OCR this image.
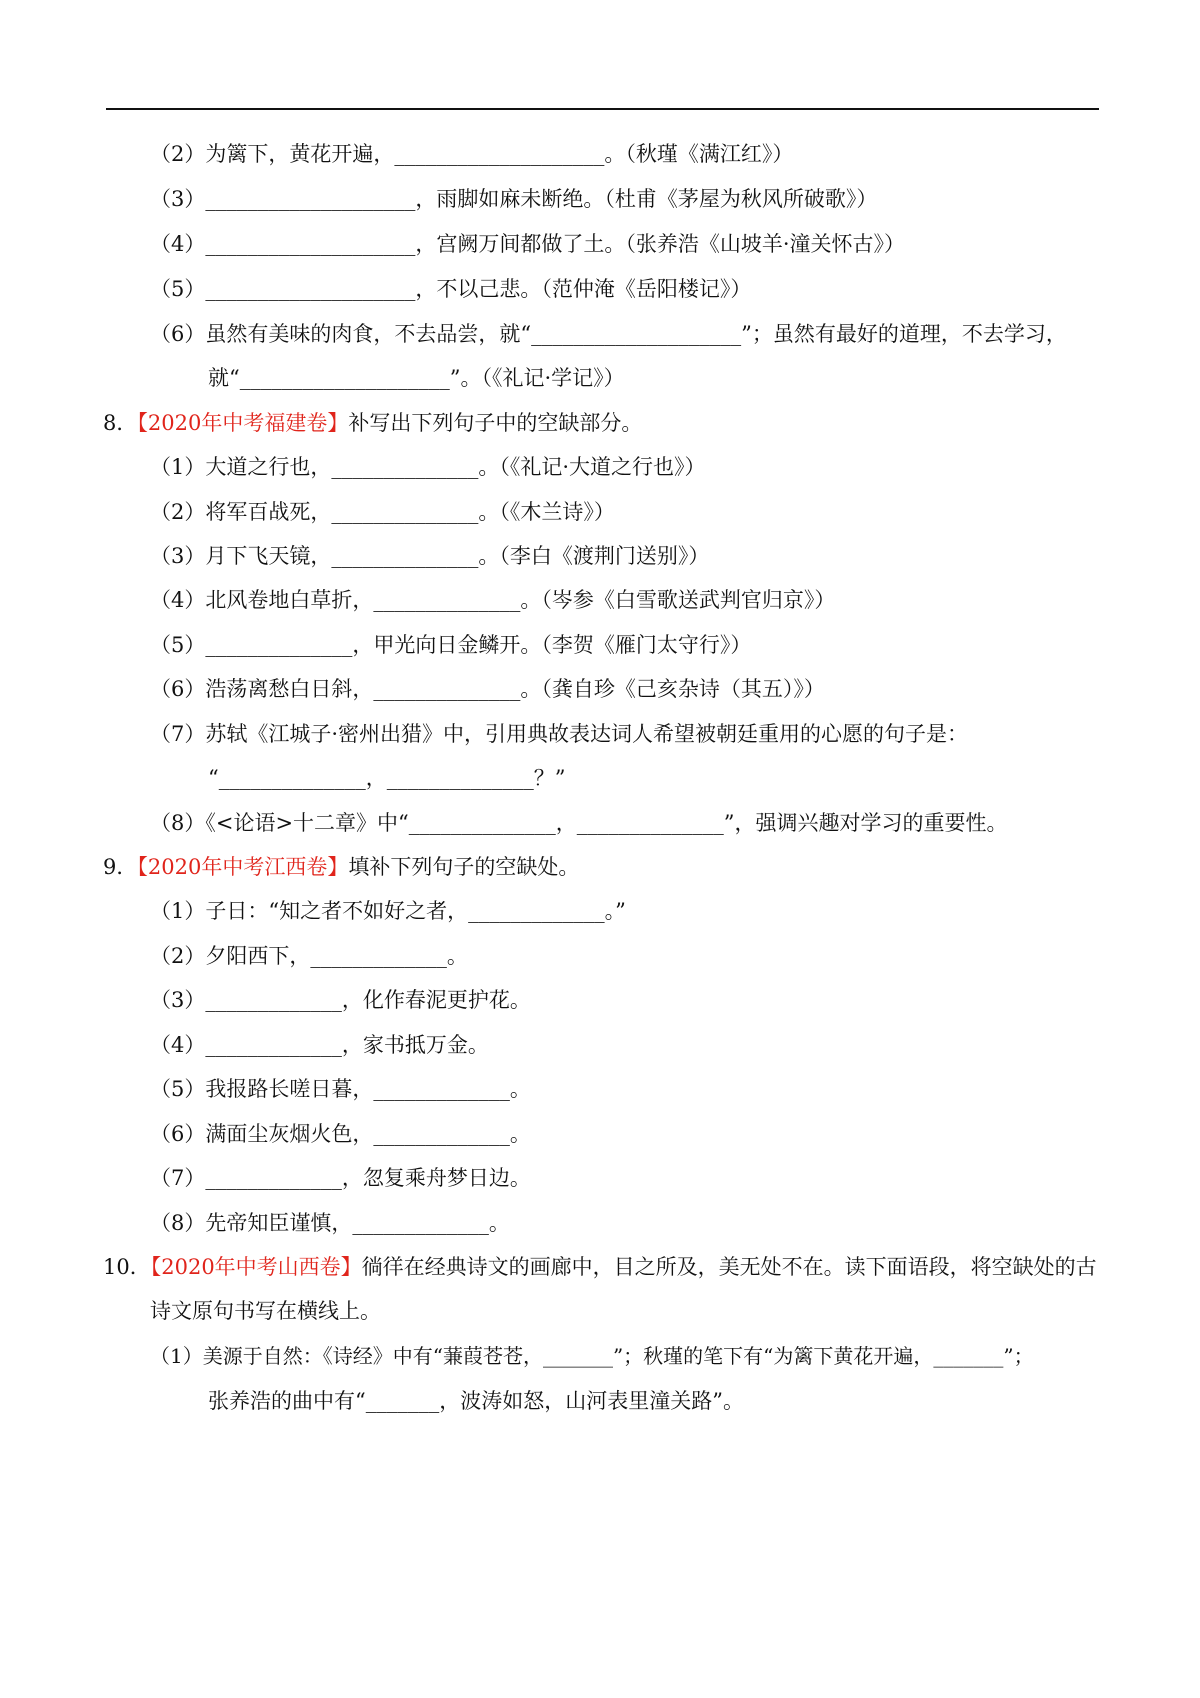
（2）为篱下，黄花开遍，____________________。（秋瑾《满江红》）
（3）____________________，雨脚如麻未断绝。（杜甫《茅屋为秋风所破歌》）
（4）____________________，宫阙万间都做了土。（张养浩《山坡羊·潼关怀古》）
（5）____________________，不以己悲。（范仲淹《岳阳楼记》）
（6）虽然有美味的肉食，不去品尝，就“____________________”；虽然有最好的道理，不去学习，
就“____________________”。（《礼记·学记》）
8．【2020年中考福建卷】补写出下列句子中的空缺部分。
（1）大道之行也，______________。（《礼记·大道之行也》）
（2）将军百战死，______________。（《木兰诗》）
（3）月下飞天镜，______________。（李白《渡荆门送别》）
（4）北风卷地白草折，______________。（岑参《白雪歌送武判官归京》）
（5）______________，甲光向日金鳞开。（李贺《雁门太守行》）
（6）浩荡离愁白日斜，______________。（龚自珍《己亥杂诗（其五）》）
（7）苏轼《江城子·密州出猎》中，引用典故表达词人希望被朝廷重用的心愿的句子是：
“______________，______________？”
（8）《<论语>十二章》中“______________，______________”，强调兴趣对学习的重要性。
9．【2020年中考江西卷】填补下列句子的空缺处。
（1）子日：“知之者不如好之者，_____________。”
（2）夕阳西下，_____________。
（3）_____________，化作春泥更护花。
（4）_____________，家书抵万金。
（5）我报路长嗟日暮，_____________。
（6）满面尘灰烟火色，_____________。
（7）_____________，忽复乘舟梦日边。
（8）先帝知臣谨慎，_____________。
10．【2020年中考山西卷】徜徉在经典诗文的画廊中，目之所及，美无处不在。读下面语段，将空缺处的古
诗文原句书写在横线上。
（1）美源于自然：《诗经》中有“蒹葭苍苍，_______”；秋瑾的笔下有“为篱下黄花开遍，_______”；
张养浩的曲中有“_______，波涛如怒，山河表里潼关路”。
